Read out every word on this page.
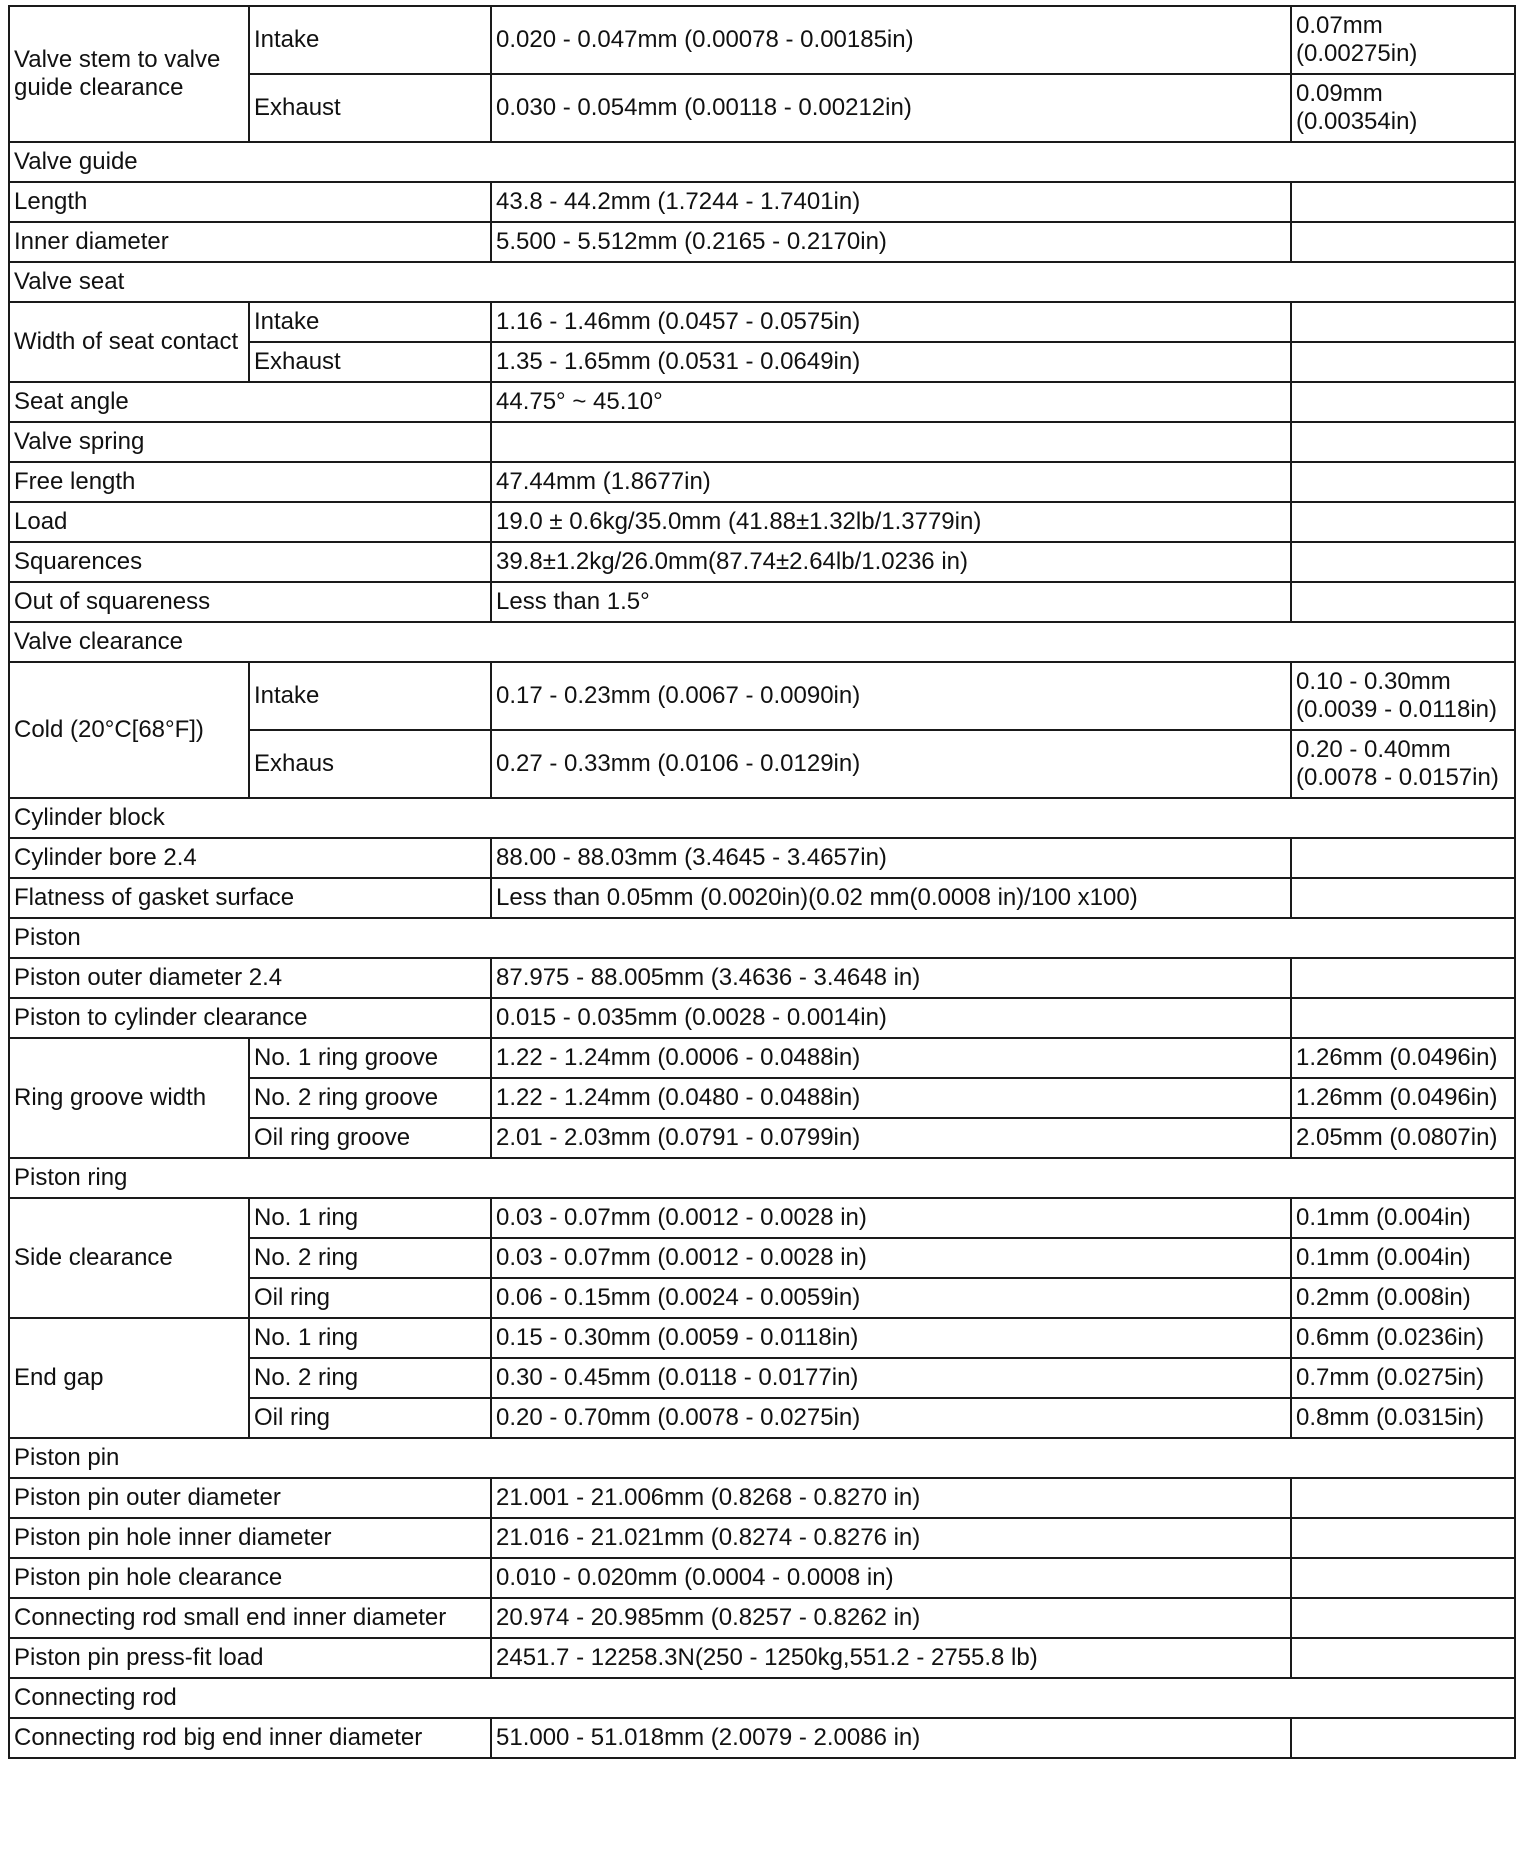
Valve stem to valve guide clearance	Intake	0.020 - 0.047mm (0.00078 - 0.00185in)	0.07mm (0.00275in)
	Exhaust	0.030 - 0.054mm (0.00118 - 0.00212in)	0.09mm (0.00354in)
Valve guide			
Length		43.8 - 44.2mm (1.7244 - 1.7401in)	
Inner diameter		5.500 - 5.512mm (0.2165 - 0.2170in)	
Valve seat			
Width of seat contact	Intake	1.16 - 1.46mm (0.0457 - 0.0575in)	
	Exhaust	1.35 - 1.65mm (0.0531 - 0.0649in)	
Seat angle		44.75° ~ 45.10°	
Valve spring			
Free length		47.44mm (1.8677in)	
Load		19.0 ± 0.6kg/35.0mm (41.88±1.32lb/1.3779in)	
Squarences		39.8±1.2kg/26.0mm(87.74±2.64lb/1.0236 in)	
Out of squareness		Less than 1.5°	
Valve clearance			
Cold (20°C[68°F])	Intake	0.17 - 0.23mm (0.0067 - 0.0090in)	0.10 - 0.30mm (0.0039 - 0.0118in)
	Exhaus	0.27 - 0.33mm (0.0106 - 0.0129in)	0.20 - 0.40mm (0.0078 - 0.0157in)
Cylinder block			
Cylinder bore 2.4		88.00 - 88.03mm (3.4645 - 3.4657in)	
Flatness of gasket surface		Less than 0.05mm (0.0020in)(0.02 mm(0.0008 in)/100 x100)	
Piston			
Piston outer diameter 2.4		87.975 - 88.005mm (3.4636 - 3.4648 in)	
Piston to cylinder clearance		0.015 - 0.035mm (0.0028 - 0.0014in)	
Ring groove width	No. 1 ring groove	1.22 - 1.24mm (0.0006 - 0.0488in)	1.26mm (0.0496in)
	No. 2 ring groove	1.22 - 1.24mm (0.0480 - 0.0488in)	1.26mm (0.0496in)
	Oil ring groove	2.01 - 2.03mm (0.0791 - 0.0799in)	2.05mm (0.0807in)
Piston ring			
Side clearance	No. 1 ring	0.03 - 0.07mm (0.0012 - 0.0028 in)	0.1mm (0.004in)
	No. 2 ring	0.03 - 0.07mm (0.0012 - 0.0028 in)	0.1mm (0.004in)
	Oil ring	0.06 - 0.15mm (0.0024 - 0.0059in)	0.2mm (0.008in)
End gap	No. 1 ring	0.15 - 0.30mm (0.0059 - 0.0118in)	0.6mm (0.0236in)
	No. 2 ring	0.30 - 0.45mm (0.0118 - 0.0177in)	0.7mm (0.0275in)
	Oil ring	0.20 - 0.70mm (0.0078 - 0.0275in)	0.8mm (0.0315in)
Piston pin			
Piston pin outer diameter		21.001 - 21.006mm (0.8268 - 0.8270 in)	
Piston pin hole inner diameter		21.016 - 21.021mm (0.8274 - 0.8276 in)	
Piston pin hole clearance		0.010 - 0.020mm (0.0004 - 0.0008 in)	
Connecting rod small end inner diameter		20.974 - 20.985mm (0.8257 - 0.8262 in)	
Piston pin press-fit load		2451.7 - 12258.3N(250 - 1250kg,551.2 - 2755.8 lb)	
Connecting rod			
Connecting rod big end inner diameter		51.000 - 51.018mm (2.0079 - 2.0086 in)	
